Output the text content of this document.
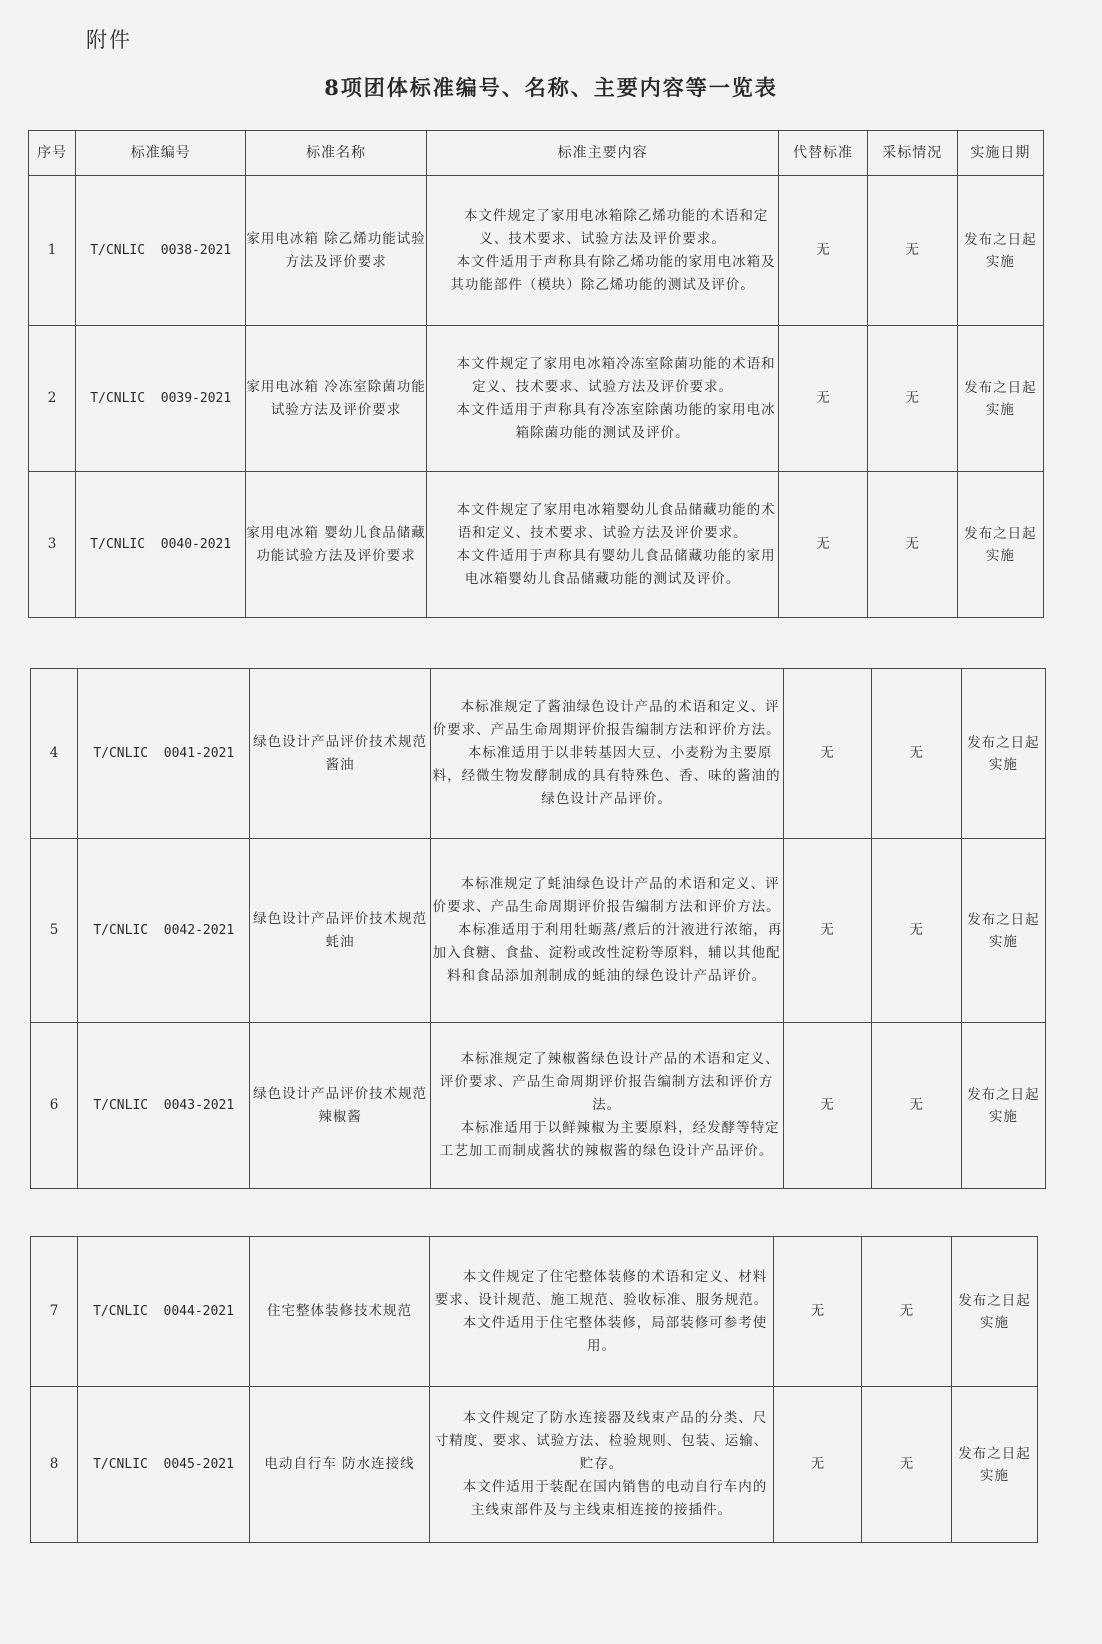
附件
8项团体标准编号、名称、主要内容等一览表
序号	标准编号	标准名称	标准主要内容	代替标准	采标情况	实施日期
1	T/CNLIC  0038-2021	家用电冰箱 除乙烯功能试验方法及评价要求	本文件规定了家用电冰箱除乙烯功能的术语和定义、技术要求、试验方法及评价要求。

本文件适用于声称具有除乙烯功能的家用电冰箱及其功能部件（模块）除乙烯功能的测试及评价。	无	无	发布之日起实施
2	T/CNLIC  0039-2021	家用电冰箱 冷冻室除菌功能试验方法及评价要求	本文件规定了家用电冰箱冷冻室除菌功能的术语和定义、技术要求、试验方法及评价要求。

本文件适用于声称具有冷冻室除菌功能的家用电冰箱除菌功能的测试及评价。	无	无	发布之日起实施
3	T/CNLIC  0040-2021	家用电冰箱 婴幼儿食品储藏功能试验方法及评价要求	本文件规定了家用电冰箱婴幼儿食品储藏功能的术语和定义、技术要求、试验方法及评价要求。

本文件适用于声称具有婴幼儿食品储藏功能的家用电冰箱婴幼儿食品储藏功能的测试及评价。	无	无	发布之日起实施
4	T/CNLIC  0041-2021	绿色设计产品评价技术规范 酱油	本标准规定了酱油绿色设计产品的术语和定义、评价要求、产品生命周期评价报告编制方法和评价方法。

本标准适用于以非转基因大豆、小麦粉为主要原料，经微生物发酵制成的具有特殊色、香、味的酱油的绿色设计产品评价。	无	无	发布之日起实施
5	T/CNLIC  0042-2021	绿色设计产品评价技术规范 蚝油	本标准规定了蚝油绿色设计产品的术语和定义、评价要求、产品生命周期评价报告编制方法和评价方法。

本标准适用于利用牡蛎蒸/煮后的汁液进行浓缩，再加入食糖、食盐、淀粉或改性淀粉等原料，辅以其他配料和食品添加剂制成的蚝油的绿色设计产品评价。	无	无	发布之日起实施
6	T/CNLIC  0043-2021	绿色设计产品评价技术规范 辣椒酱	本标准规定了辣椒酱绿色设计产品的术语和定义、评价要求、产品生命周期评价报告编制方法和评价方法。

本标准适用于以鲜辣椒为主要原料，经发酵等特定工艺加工而制成酱状的辣椒酱的绿色设计产品评价。	无	无	发布之日起实施
7	T/CNLIC  0044-2021	住宅整体装修技术规范	本文件规定了住宅整体装修的术语和定义、材料要求、设计规范、施工规范、验收标准、服务规范。

本文件适用于住宅整体装修，局部装修可参考使用。	无	无	发布之日起实施
8	T/CNLIC  0045-2021	电动自行车 防水连接线	本文件规定了防水连接器及线束产品的分类、尺寸精度、要求、试验方法、检验规则、包装、运输、贮存。

本文件适用于装配在国内销售的电动自行车内的主线束部件及与主线束相连接的接插件。	无	无	发布之日起实施
